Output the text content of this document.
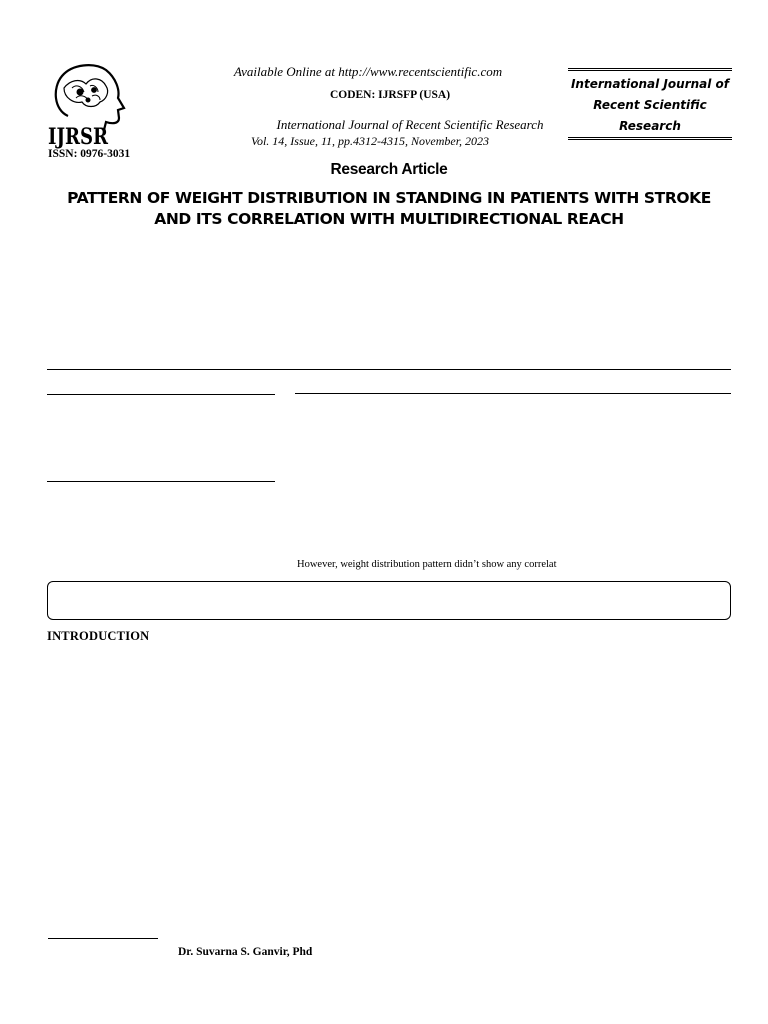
IJRSR
ISSN: 0976-3031
Available Online at http://www.recentscientific.com
CODEN: IJRSFP (USA)
International Journal of Recent Scientific Research
Vol. 14, Issue, 11, pp.4312-4315, November, 2023
International Journal of
Recent Scientific
Research
Research Article
PATTERN OF WEIGHT DISTRIBUTION IN STANDING IN PATIENTS WITH STROKE
AND ITS CORRELATION WITH MULTIDIRECTIONAL REACH
However, weight distribution pattern didn’t show any correlat
INTRODUCTION
Dr. Suvarna S. Ganvir, Phd
